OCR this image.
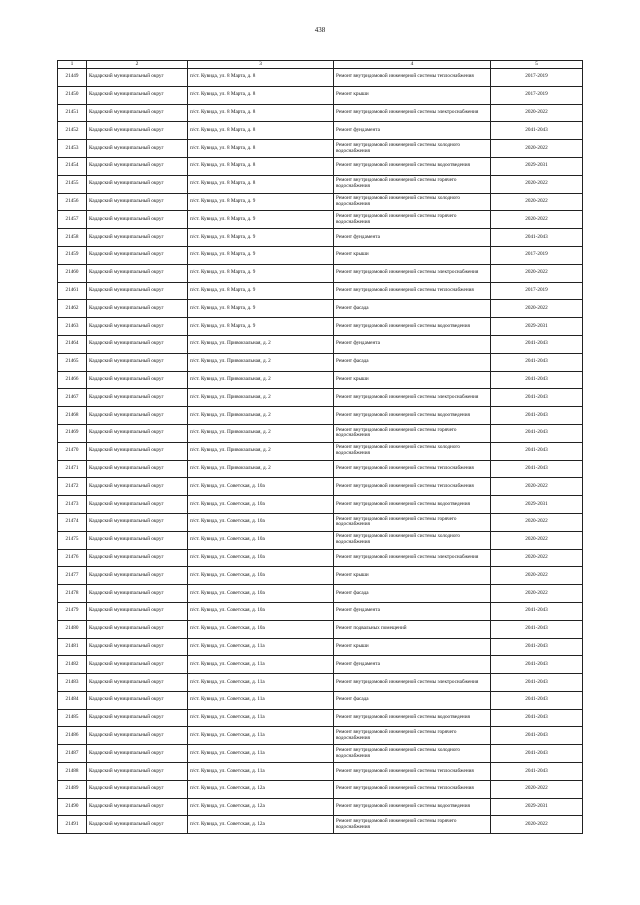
438
1	2	3	4	5
21449	Кадарский муниципальный округ	п/ст. Кувида, ул. 8 Марта, д. 8	Ремонт внутридомовой инженерной системы теплоснабжения	2017-2019
21450	Кадарский муниципальный округ	п/ст. Кувида, ул. 8 Марта, д. 8	Ремонт крыши	2017-2019
21451	Кадарский муниципальный округ	п/ст. Кувида, ул. 8 Марта, д. 8	Ремонт внутридомовой инженерной системы электроснабжения	2020-2022
21452	Кадарский муниципальный округ	п/ст. Кувида, ул. 8 Марта, д. 8	Ремонт фундамента	2041-2043
21453	Кадарский муниципальный округ	п/ст. Кувида, ул. 8 Марта, д. 8	Ремонт внутридомовой инженерной системы холодного водоснабжения	2020-2022
21454	Кадарский муниципальный округ	п/ст. Кувида, ул. 8 Марта, д. 8	Ремонт внутридомовой инженерной системы водоотведения	2029-2031
21455	Кадарский муниципальный округ	п/ст. Кувида, ул. 8 Марта, д. 8	Ремонт внутридомовой инженерной системы горячего водоснабжения	2020-2022
21456	Кадарский муниципальный округ	п/ст. Кувида, ул. 8 Марта, д. 9	Ремонт внутридомовой инженерной системы холодного водоснабжения	2020-2022
21457	Кадарский муниципальный округ	п/ст. Кувида, ул. 8 Марта, д. 9	Ремонт внутридомовой инженерной системы горячего водоснабжения	2020-2022
21458	Кадарский муниципальный округ	п/ст. Кувида, ул. 8 Марта, д. 9	Ремонт фундамента	2041-2043
21459	Кадарский муниципальный округ	п/ст. Кувида, ул. 8 Марта, д. 9	Ремонт крыши	2017-2019
21460	Кадарский муниципальный округ	п/ст. Кувида, ул. 8 Марта, д. 9	Ремонт внутридомовой инженерной системы электроснабжения	2020-2022
21461	Кадарский муниципальный округ	п/ст. Кувида, ул. 8 Марта, д. 9	Ремонт внутридомовой инженерной системы теплоснабжения	2017-2019
21462	Кадарский муниципальный округ	п/ст. Кувида, ул. 8 Марта, д. 9	Ремонт фасада	2020-2022
21463	Кадарский муниципальный округ	п/ст. Кувида, ул. 8 Марта, д. 9	Ремонт внутридомовой инженерной системы водоотведения	2029-2031
21464	Кадарский муниципальный округ	п/ст. Кувида, ул. Привокзальная, д. 2	Ремонт фундамента	2041-2043
21465	Кадарский муниципальный округ	п/ст. Кувида, ул. Привокзальная, д. 2	Ремонт фасада	2041-2043
21466	Кадарский муниципальный округ	п/ст. Кувида, ул. Привокзальная, д. 2	Ремонт крыши	2041-2043
21467	Кадарский муниципальный округ	п/ст. Кувида, ул. Привокзальная, д. 2	Ремонт внутридомовой инженерной системы электроснабжения	2041-2043
21468	Кадарский муниципальный округ	п/ст. Кувида, ул. Привокзальная, д. 2	Ремонт внутридомовой инженерной системы водоотведения	2041-2043
21469	Кадарский муниципальный округ	п/ст. Кувида, ул. Привокзальная, д. 2	Ремонт внутридомовой инженерной системы горячего водоснабжения	2041-2043
21470	Кадарский муниципальный округ	п/ст. Кувида, ул. Привокзальная, д. 2	Ремонт внутридомовой инженерной системы холодного водоснабжения	2041-2043
21471	Кадарский муниципальный округ	п/ст. Кувида, ул. Привокзальная, д. 2	Ремонт внутридомовой инженерной системы теплоснабжения	2041-2043
21472	Кадарский муниципальный округ	п/ст. Кувида, ул. Советская, д. 10а	Ремонт внутридомовой инженерной системы теплоснабжения	2020-2022
21473	Кадарский муниципальный округ	п/ст. Кувида, ул. Советская, д. 10а	Ремонт внутридомовой инженерной системы водоотведения	2029-2031
21474	Кадарский муниципальный округ	п/ст. Кувида, ул. Советская, д. 10а	Ремонт внутридомовой инженерной системы горячего водоснабжения	2020-2022
21475	Кадарский муниципальный округ	п/ст. Кувида, ул. Советская, д. 10а	Ремонт внутридомовой инженерной системы холодного водоснабжения	2020-2022
21476	Кадарский муниципальный округ	п/ст. Кувида, ул. Советская, д. 10а	Ремонт внутридомовой инженерной системы электроснабжения	2020-2022
21477	Кадарский муниципальный округ	п/ст. Кувида, ул. Советская, д. 10а	Ремонт крыши	2020-2022
21478	Кадарский муниципальный округ	п/ст. Кувида, ул. Советская, д. 10а	Ремонт фасада	2020-2022
21479	Кадарский муниципальный округ	п/ст. Кувида, ул. Советская, д. 10а	Ремонт фундамента	2041-2043
21480	Кадарский муниципальный округ	п/ст. Кувида, ул. Советская, д. 10а	Ремонт подвальных помещений	2041-2043
21481	Кадарский муниципальный округ	п/ст. Кувида, ул. Советская, д. 11а	Ремонт крыши	2041-2043
21482	Кадарский муниципальный округ	п/ст. Кувида, ул. Советская, д. 11а	Ремонт фундамента	2041-2043
21483	Кадарский муниципальный округ	п/ст. Кувида, ул. Советская, д. 11а	Ремонт внутридомовой инженерной системы электроснабжения	2041-2043
21484	Кадарский муниципальный округ	п/ст. Кувида, ул. Советская, д. 11а	Ремонт фасада	2041-2043
21485	Кадарский муниципальный округ	п/ст. Кувида, ул. Советская, д. 11а	Ремонт внутридомовой инженерной системы водоотведения	2041-2043
21486	Кадарский муниципальный округ	п/ст. Кувида, ул. Советская, д. 11а	Ремонт внутридомовой инженерной системы горячего водоснабжения	2041-2043
21487	Кадарский муниципальный округ	п/ст. Кувида, ул. Советская, д. 11а	Ремонт внутридомовой инженерной системы холодного водоснабжения	2041-2043
21488	Кадарский муниципальный округ	п/ст. Кувида, ул. Советская, д. 11а	Ремонт внутридомовой инженерной системы теплоснабжения	2041-2043
21489	Кадарский муниципальный округ	п/ст. Кувида, ул. Советская, д. 12а	Ремонт внутридомовой инженерной системы теплоснабжения	2020-2022
21490	Кадарский муниципальный округ	п/ст. Кувида, ул. Советская, д. 12а	Ремонт внутридомовой инженерной системы водоотведения	2029-2031
21491	Кадарский муниципальный округ	п/ст. Кувида, ул. Советская, д. 12а	Ремонт внутридомовой инженерной системы горячего водоснабжения	2020-2022
